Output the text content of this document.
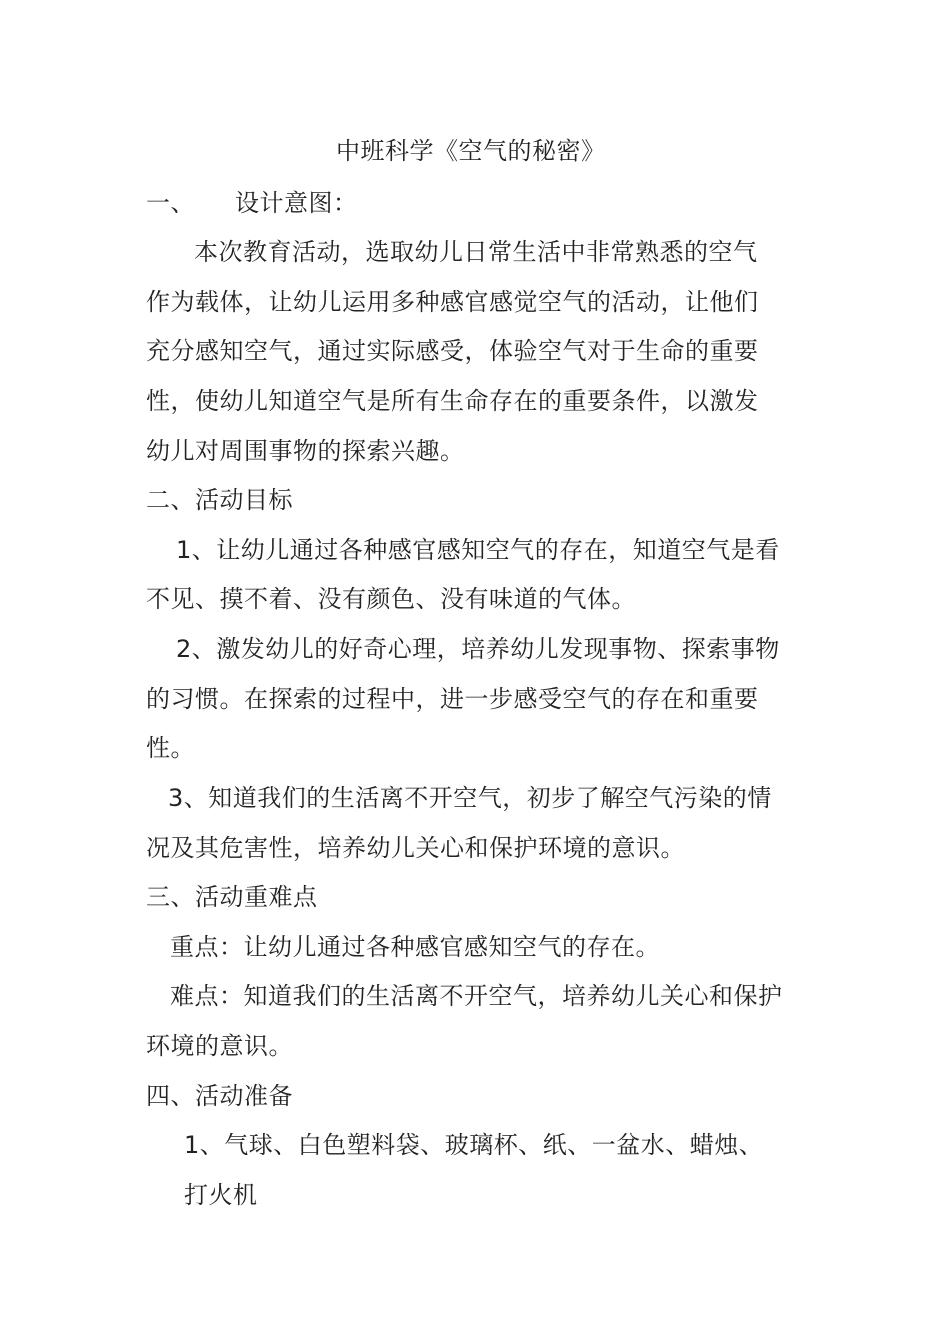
中班科学《空气的秘密》
一、 设计意图：
本次教育活动，选取幼儿日常生活中非常熟悉的空气
作为载体，让幼儿运用多种感官感觉空气的活动，让他们
充分感知空气，通过实际感受，体验空气对于生命的重要
性，使幼儿知道空气是所有生命存在的重要条件，以激发
幼儿对周围事物的探索兴趣。
二、活动目标
1、让幼儿通过各种感官感知空气的存在，知道空气是看
不见、摸不着、没有颜色、没有味道的气体。
2、激发幼儿的好奇心理，培养幼儿发现事物、探索事物
的习惯。在探索的过程中，进一步感受空气的存在和重要
性。
3、知道我们的生活离不开空气，初步了解空气污染的情
况及其危害性，培养幼儿关心和保护环境的意识。
三、活动重难点
重点：让幼儿通过各种感官感知空气的存在。
难点：知道我们的生活离不开空气，培养幼儿关心和保护
环境的意识。
四、活动准备
1、气球、白色塑料袋、玻璃杯、纸、一盆水、蜡烛、
打火机
